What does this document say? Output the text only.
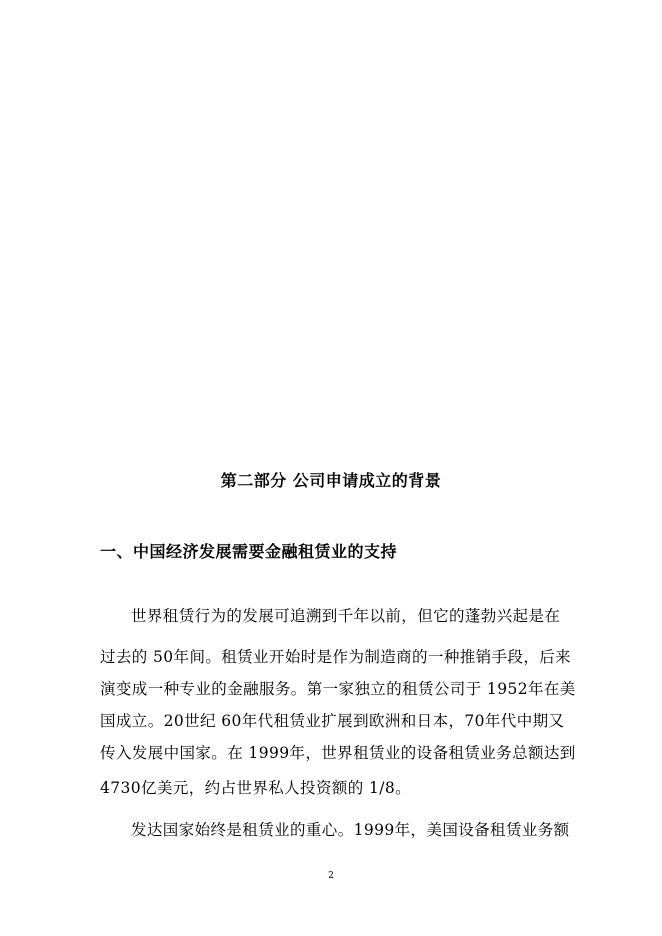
第二部分 公司申请成立的背景
一、中国经济发展需要金融租赁业的支持
世界租赁行为的发展可追溯到千年以前，但它的蓬勃兴起是在
过去的 50年间。租赁业开始时是作为制造商的一种推销手段，后来
演变成一种专业的金融服务。第一家独立的租赁公司于 1952年在美
国成立。20世纪 60年代租赁业扩展到欧洲和日本，70年代中期又
传入发展中国家。在 1999年，世界租赁业的设备租赁业务总额达到
4730亿美元，约占世界私人投资额的 1/8。
发达国家始终是租赁业的重心。1999年，美国设备租赁业务额
2
